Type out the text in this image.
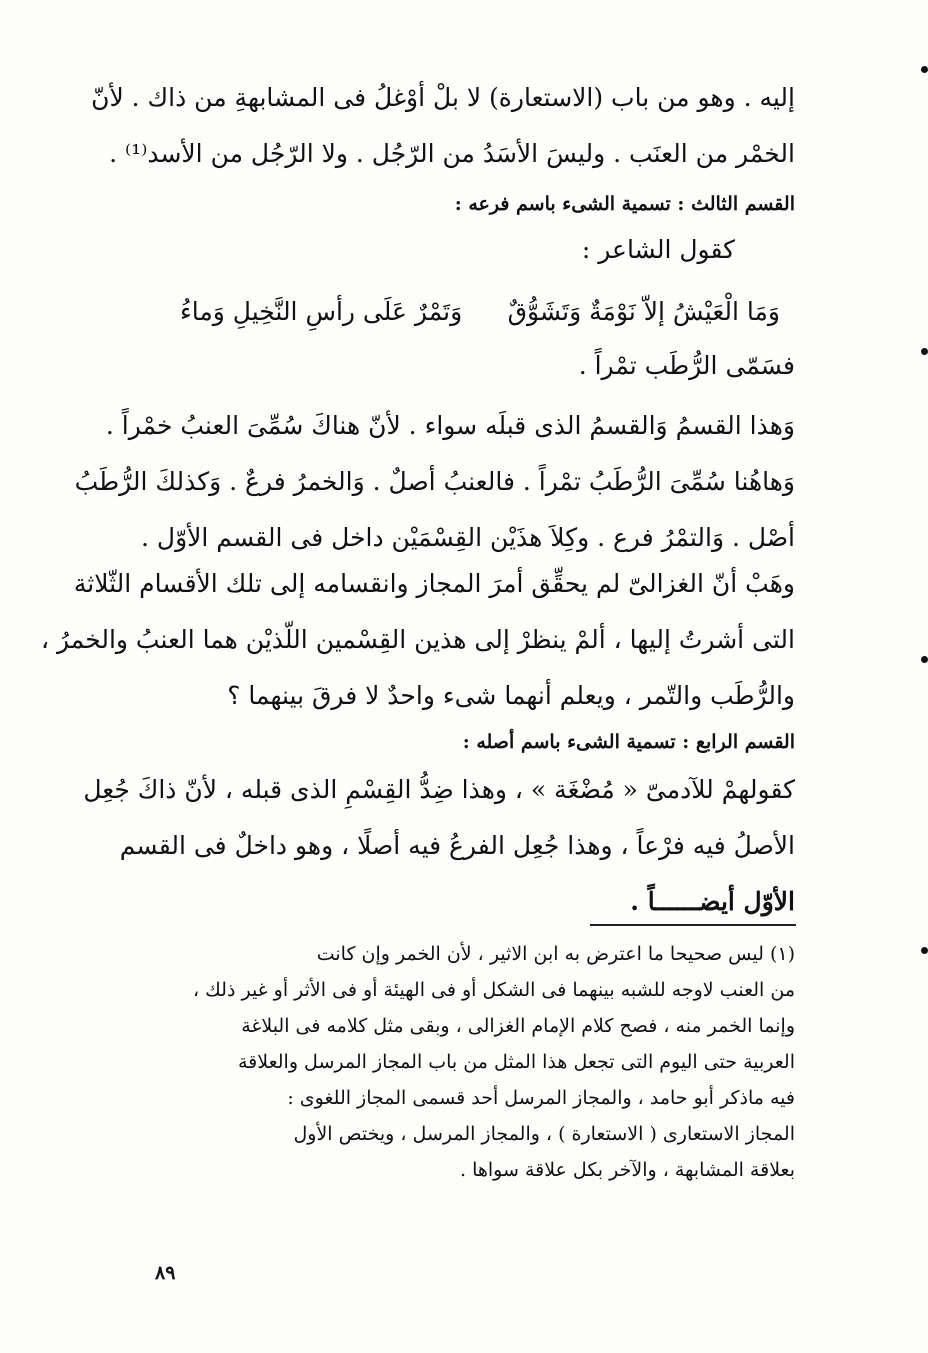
إليه . وهو من باب (الاستعارة) لا بلْ أوْغلُ فى المشابهةِ من ذاك . لأنّ
الخمْر من العنَب . وليسَ الأسَدُ من الرّجُل . ولا الرّجُل من الأسد⁽¹⁾ .
القسم الثالث : تسمية الشىء باسم فرعه :
كقول الشاعر :
وَمَا الْعَيْشُ إلاّ نَوْمَةٌ وَتَشَوُّقٌ
وَتَمْرٌ عَلَى رأسِ النَّخِيلِ وَماءُ
فسَمّى الرُّطَب تمْراً .
وَهذا القسمُ وَالقسمُ الذى قبلَه سواء . لأنّ هناكَ سُمِّىَ العنبُ خمْراً .
وَهاهُنا سُمِّىَ الرُّطَبُ تمْراً . فالعنبُ أصلٌ . وَالخمرُ فرعٌ . وَكذلكَ الرُّطَبُ
أصْل . وَالتمْرُ فرع . وكِلاَ هذَيْن القِسْمَيْن داخل فى القسم الأوّل .
وهَبْ أنّ الغزالىّ لم يحقِّق أمرَ المجاز وانقسامه إلى تلك الأقسام الثّلاثة
التى أشرتُ إليها ، ألمْ ينظرْ إلى هذين القِسْمين اللّذيْن هما العنبُ والخمرُ ،
والرُّطَب والتّمر ، ويعلم أنهما شىء واحدٌ لا فرقَ بينهما ؟
القسم الرابع : تسمية الشىء باسم أصله :
كقولهمْ للآدمىّ « مُضْغَة » ، وهذا ضِدُّ القِسْمِ الذى قبله ، لأنّ ذاكَ جُعِل
الأصلُ فيه فرْعاً ، وهذا جُعِل الفرعُ فيه أصلًا ، وهو داخلٌ فى القسم
الأوّل أيضــــــاً .
(١) ليس صحيحا ما اعترض به ابن الاثير ، لأن الخمر وإن كانت
من العنب لاوجه للشبه بينهما فى الشكل أو فى الهيئة أو فى الأثر أو غير ذلك ،
وإنما الخمر منه ، فصح كلام الإمام الغزالى ، وبقى مثل كلامه فى البلاغة
العربية حتى اليوم التى تجعل هذا المثل من باب المجاز المرسل والعلاقة
فيه ماذكر أبو حامد ، والمجاز المرسل أحد قسمى المجاز اللغوى :
المجاز الاستعارى ( الاستعارة ) ، والمجاز المرسل ، ويختص الأول
بعلاقة المشابهة ، والآخر بكل علاقة سواها .
٨٩
